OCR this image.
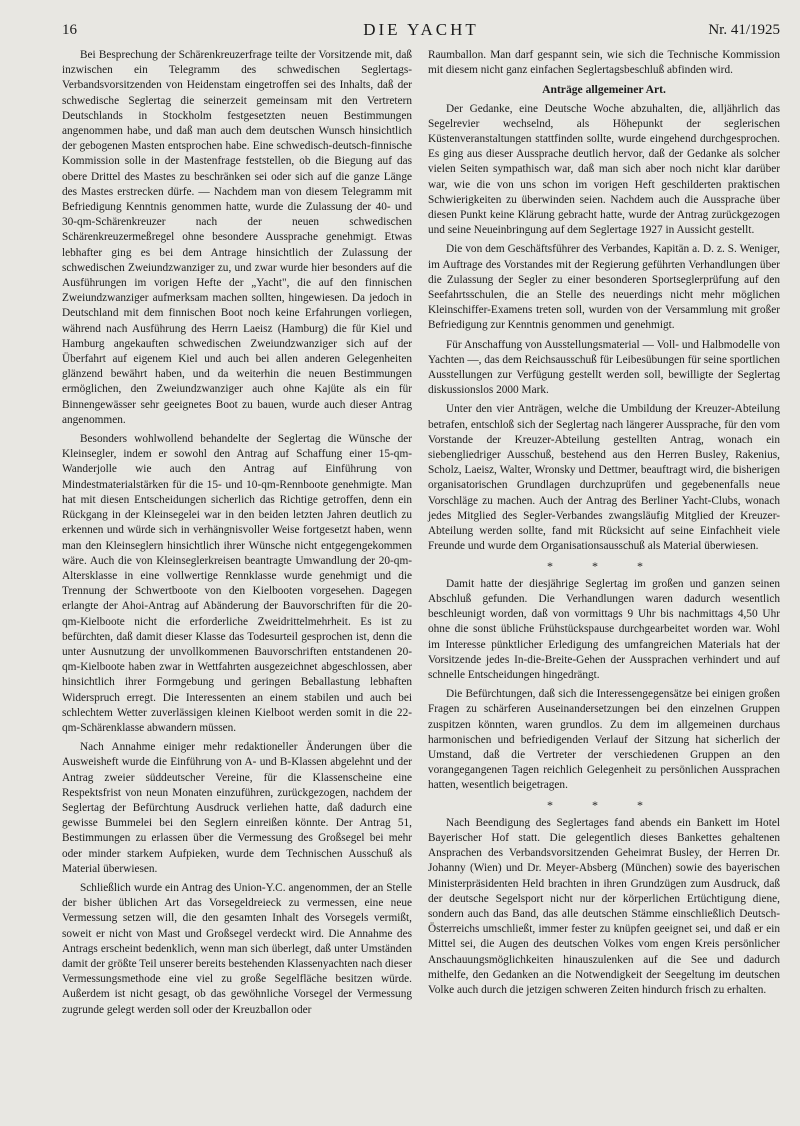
16	DIE YACHT	Nr. 41/1925

Bei Besprechung der Schärenkreuzerfrage teilte der Vorsitzende mit, daß inzwischen ein Telegramm des schwedischen Seglertags-Verbandsvorsitzenden von Heidenstam eingetroffen sei des Inhalts, daß der schwedische Seglertag die seinerzeit gemeinsam mit den Vertretern Deutschlands in Stockholm festgesetzten neuen Bestimmungen angenommen habe, und daß man auch dem deutschen Wunsch hinsichtlich der gebogenen Masten entsprochen habe. Eine schwedisch-deutsch-finnische Kommission solle in der Mastenfrage feststellen, ob die Biegung auf das obere Drittel des Mastes zu beschränken sei oder sich auf die ganze Länge des Mastes erstrecken dürfe. — Nachdem man von diesem Telegramm mit Befriedigung Kenntnis genommen hatte, wurde die Zulassung der 40- und 30-qm-Schärenkreuzer nach der neuen schwedischen Schärenkreuzermeßregel ohne besondere Aussprache genehmigt. Etwas lebhafter ging es bei dem Antrage hinsichtlich der Zulassung der schwedischen Zweiundzwanziger zu, und zwar wurde hier besonders auf die Ausführungen im vorigen Hefte der „Yacht", die auf den finnischen Zweiundzwanziger aufmerksam machen sollten, hingewiesen. Da jedoch in Deutschland mit dem finnischen Boot noch keine Erfahrungen vorliegen, während nach Ausführung des Herrn Laeisz (Hamburg) die für Kiel und Hamburg angekauften schwedischen Zweiundzwanziger sich auf der Überfahrt auf eigenem Kiel und auch bei allen anderen Gelegenheiten glänzend bewährt haben, und da weiterhin die neuen Bestimmungen ermöglichen, den Zweiundzwanziger auch ohne Kajüte als ein für Binnengewässer sehr geeignetes Boot zu bauen, wurde auch dieser Antrag angenommen.

Besonders wohlwollend behandelte der Seglertag die Wünsche der Kleinsegler, indem er sowohl den Antrag auf Schaffung einer 15-qm-Wanderjolle wie auch den Antrag auf Einführung von Mindestmaterialstärken für die 15- und 10-qm-Rennboote genehmigte. Man hat mit diesen Entscheidungen sicherlich das Richtige getroffen, denn ein Rückgang in der Kleinsegelei war in den beiden letzten Jahren deutlich zu erkennen und würde sich in verhängnisvoller Weise fortgesetzt haben, wenn man den Kleinseglern hinsichtlich ihrer Wünsche nicht entgegengekommen wäre. Auch die von Kleinseglerkreisen beantragte Umwandlung der 20-qm-Altersklasse in eine vollwertige Rennklasse wurde genehmigt und die Trennung der Schwertboote von den Kielbooten vorgesehen. Dagegen erlangte der Ahoi-Antrag auf Abänderung der Bauvorschriften für die 20-qm-Kielboote nicht die erforderliche Zweidrittelmehrheit. Es ist zu befürchten, daß damit dieser Klasse das Todesurteil gesprochen ist, denn die unter Ausnutzung der unvollkommenen Bauvorschriften entstandenen 20-qm-Kielboote haben zwar in Wettfahrten ausgezeichnet abgeschlossen, aber hinsichtlich ihrer Formgebung und geringen Beballastung lebhaften Widerspruch erregt. Die Interessenten an einem stabilen und auch bei schlechtem Wetter zuverlässigen kleinen Kielboot werden somit in die 22-qm-Schärenklasse abwandern müssen.

Nach Annahme einiger mehr redaktioneller Änderungen über die Ausweisheft wurde die Einführung von A- und B-Klassen abgelehnt und der Antrag zweier süddeutscher Vereine, für die Klassenscheine eine Respektsfrist von neun Monaten einzuführen, zurückgezogen, nachdem der Seglertag der Befürchtung Ausdruck verliehen hatte, daß dadurch eine gewisse Bummelei bei den Seglern einreißen könnte. Der Antrag 51, Bestimmungen zu erlassen über die Vermessung des Großsegel bei mehr oder minder starkem Aufpieken, wurde dem Technischen Ausschuß als Material überwiesen.

Schließlich wurde ein Antrag des Union-Y.C. angenommen, der an Stelle der bisher üblichen Art das Vorsegeldreieck zu vermessen, eine neue Vermessung setzen will, die den gesamten Inhalt des Vorsegels vermißt, soweit er nicht von Mast und Großsegel verdeckt wird. Die Annahme des Antrags erscheint bedenklich, wenn man sich überlegt, daß unter Umständen damit der größte Teil unserer bereits bestehenden Klassenyachten nach dieser Vermessungsmethode eine viel zu große Segelfläche besitzen würde. Außerdem ist nicht gesagt, ob das gewöhnliche Vorsegel der Vermessung zugrunde gelegt werden soll oder der Kreuzballon oder

Raumballon. Man darf gespannt sein, wie sich die Technische Kommission mit diesem nicht ganz einfachen Seglertagsbeschluß abfinden wird.

Anträge allgemeiner Art.

Der Gedanke, eine Deutsche Woche abzuhalten, die, alljährlich das Segelrevier wechselnd, als Höhepunkt der seglerischen Küstenveranstaltungen stattfinden sollte, wurde eingehend durchgesprochen. Es ging aus dieser Aussprache deutlich hervor, daß der Gedanke als solcher vielen Seiten sympathisch war, daß man sich aber noch nicht klar darüber war, wie die von uns schon im vorigen Heft geschilderten praktischen Schwierigkeiten zu überwinden seien. Nachdem auch die Aussprache über diesen Punkt keine Klärung gebracht hatte, wurde der Antrag zurückgezogen und seine Neueinbringung auf dem Seglertage 1927 in Aussicht gestellt.

Die von dem Geschäftsführer des Verbandes, Kapitän a. D. z. S. Weniger, im Auftrage des Vorstandes mit der Regierung geführten Verhandlungen über die Zulassung der Segler zu einer besonderen Sportseglerprüfung auf den Seefahrtsschulen, die an Stelle des neuerdings nicht mehr möglichen Kleinschiffer-Examens treten soll, wurden von der Versammlung mit großer Befriedigung zur Kenntnis genommen und genehmigt.

Für Anschaffung von Ausstellungsmaterial — Voll- und Halbmodelle von Yachten —, das dem Reichsausschuß für Leibesübungen für seine sportlichen Ausstellungen zur Verfügung gestellt werden soll, bewilligte der Seglertag diskussionslos 2000 Mark.

Unter den vier Anträgen, welche die Umbildung der Kreuzer-Abteilung betrafen, entschloß sich der Seglertag nach längerer Aussprache, für den vom Vorstande der Kreuzer-Abteilung gestellten Antrag, wonach ein siebengliedriger Ausschuß, bestehend aus den Herren Busley, Rakenius, Scholz, Laeisz, Walter, Wronsky und Dettmer, beauftragt wird, die bisherigen organisatorischen Grundlagen durchzuprüfen und gegebenenfalls neue Vorschläge zu machen. Auch der Antrag des Berliner Yacht-Clubs, wonach jedes Mitglied des Segler-Verbandes zwangsläufig Mitglied der Kreuzer-Abteilung werden sollte, fand mit Rücksicht auf seine Einfachheit viele Freunde und wurde dem Organisationsausschuß als Material überwiesen.

* * *

Damit hatte der diesjährige Seglertag im großen und ganzen seinen Abschluß gefunden. Die Verhandlungen waren dadurch wesentlich beschleunigt worden, daß von vormittags 9 Uhr bis nachmittags 4,50 Uhr ohne die sonst übliche Frühstückspause durchgearbeitet worden war. Wohl im Interesse pünktlicher Erledigung des umfangreichen Materials hat der Vorsitzende jedes In-die-Breite-Gehen der Aussprachen verhindert und auf schnelle Entscheidungen hingedrängt.

Die Befürchtungen, daß sich die Interessengegensätze bei einigen großen Fragen zu schärferen Auseinandersetzungen bei den einzelnen Gruppen zuspitzen könnten, waren grundlos. Zu dem im allgemeinen durchaus harmonischen und befriedigenden Verlauf der Sitzung hat sicherlich der Umstand, daß die Vertreter der verschiedenen Gruppen an den vorangegangenen Tagen reichlich Gelegenheit zu persönlichen Aussprachen hatten, wesentlich beigetragen.

* * *

Nach Beendigung des Seglertages fand abends ein Bankett im Hotel Bayerischer Hof statt. Die gelegentlich dieses Bankettes gehaltenen Ansprachen des Verbandsvorsitzenden Geheimrat Busley, der Herren Dr. Johanny (Wien) und Dr. Meyer-Absberg (München) sowie des bayerischen Ministerpräsidenten Held brachten in ihren Grundzügen zum Ausdruck, daß der deutsche Segelsport nicht nur der körperlichen Ertüchtigung diene, sondern auch das Band, das alle deutschen Stämme einschließlich Deutsch-Österreichs umschließt, immer fester zu knüpfen geeignet sei, und daß er ein Mittel sei, die Augen des deutschen Volkes vom engen Kreis persönlicher Anschauungsmöglichkeiten hinauszulenken auf die See und dadurch mithelfe, den Gedanken an die Notwendigkeit der Seegeltung im deutschen Volke auch durch die jetzigen schweren Zeiten hindurch frisch zu erhalten.
